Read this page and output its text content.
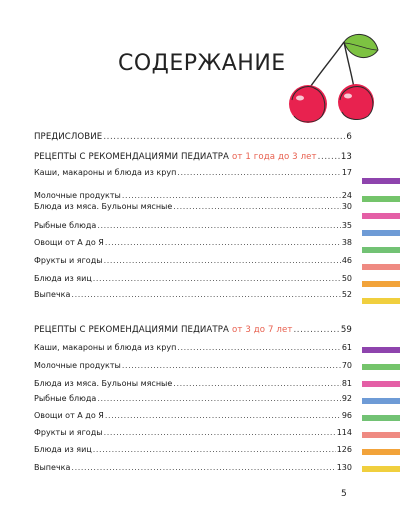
СОДЕРЖАНИЕ
ПРЕДИСЛОВИЕ .....	6
РЕЦЕПТЫ С РЕКОМЕНДАЦИЯМИ ПЕДИАТРА от 1 года до 3 лет .....	13
Каши, макароны и блюда из круп .....	17
Молочные продукты .....	24
Блюда из мяса. Бульоны мясные .....	30
Рыбные блюда .....	35
Овощи от А до Я .....	38
Фрукты и ягоды .....	46
Блюда из яиц .....	50
Выпечка .....	52
РЕЦЕПТЫ С РЕКОМЕНДАЦИЯМИ ПЕДИАТРА от 3 до 7 лет .....	59
Каши, макароны и блюда из круп .....	61
Молочные продукты .....	70
Блюда из мяса. Бульоны мясные .....	81
Рыбные блюда .....	92
Овощи от А до Я .....	96
Фрукты и ягоды .....	114
Блюда из яиц .....	126
Выпечка .....	130
5
